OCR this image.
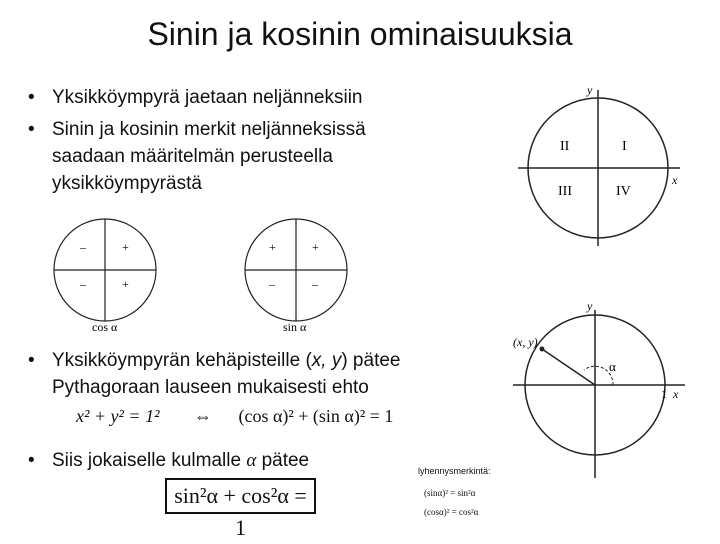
Sinin ja kosinin ominaisuuksia
• Yksikköympyrä jaetaan neljänneksiin
• Sinin ja kosinin merkit neljänneksissä
saadaan määritelmän perusteella
yksikköympyrästä
y
x
I
II
III	IV
–	+
–	+
cos α
+	+
–	–
sin α
• Yksikköympyrän kehäpisteille (x, y) pätee
Pythagoraan lauseen mukaisesti ehto
x² + y² = 1² ⇔ (cos α)² + (sin α)² = 1
y
x
(x, y)
α
1
• Siis jokaiselle kulmalle α pätee
sin²α + cos²α = 1
lyhennysmerkintä:
(sinα)² = sin²α
(cosα)² = cos²α
